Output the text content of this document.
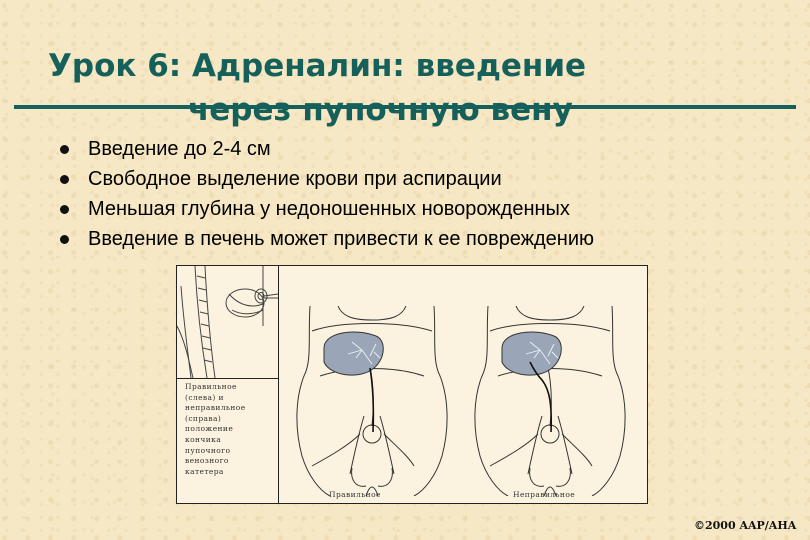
Урок 6: Адреналин: введение
через пупочную вену
Введение до 2-4 см
Свободное выделение крови при аспирации
Меньшая глубина у недоношенных новорожденных
Введение в печень может привести к ее повреждению

Правильное
(слева) и
неправильное
(справа)
положение
кончика
пупочного
венозного
катетера

Правильное	Неправильное
©2000 AAP/AHA
